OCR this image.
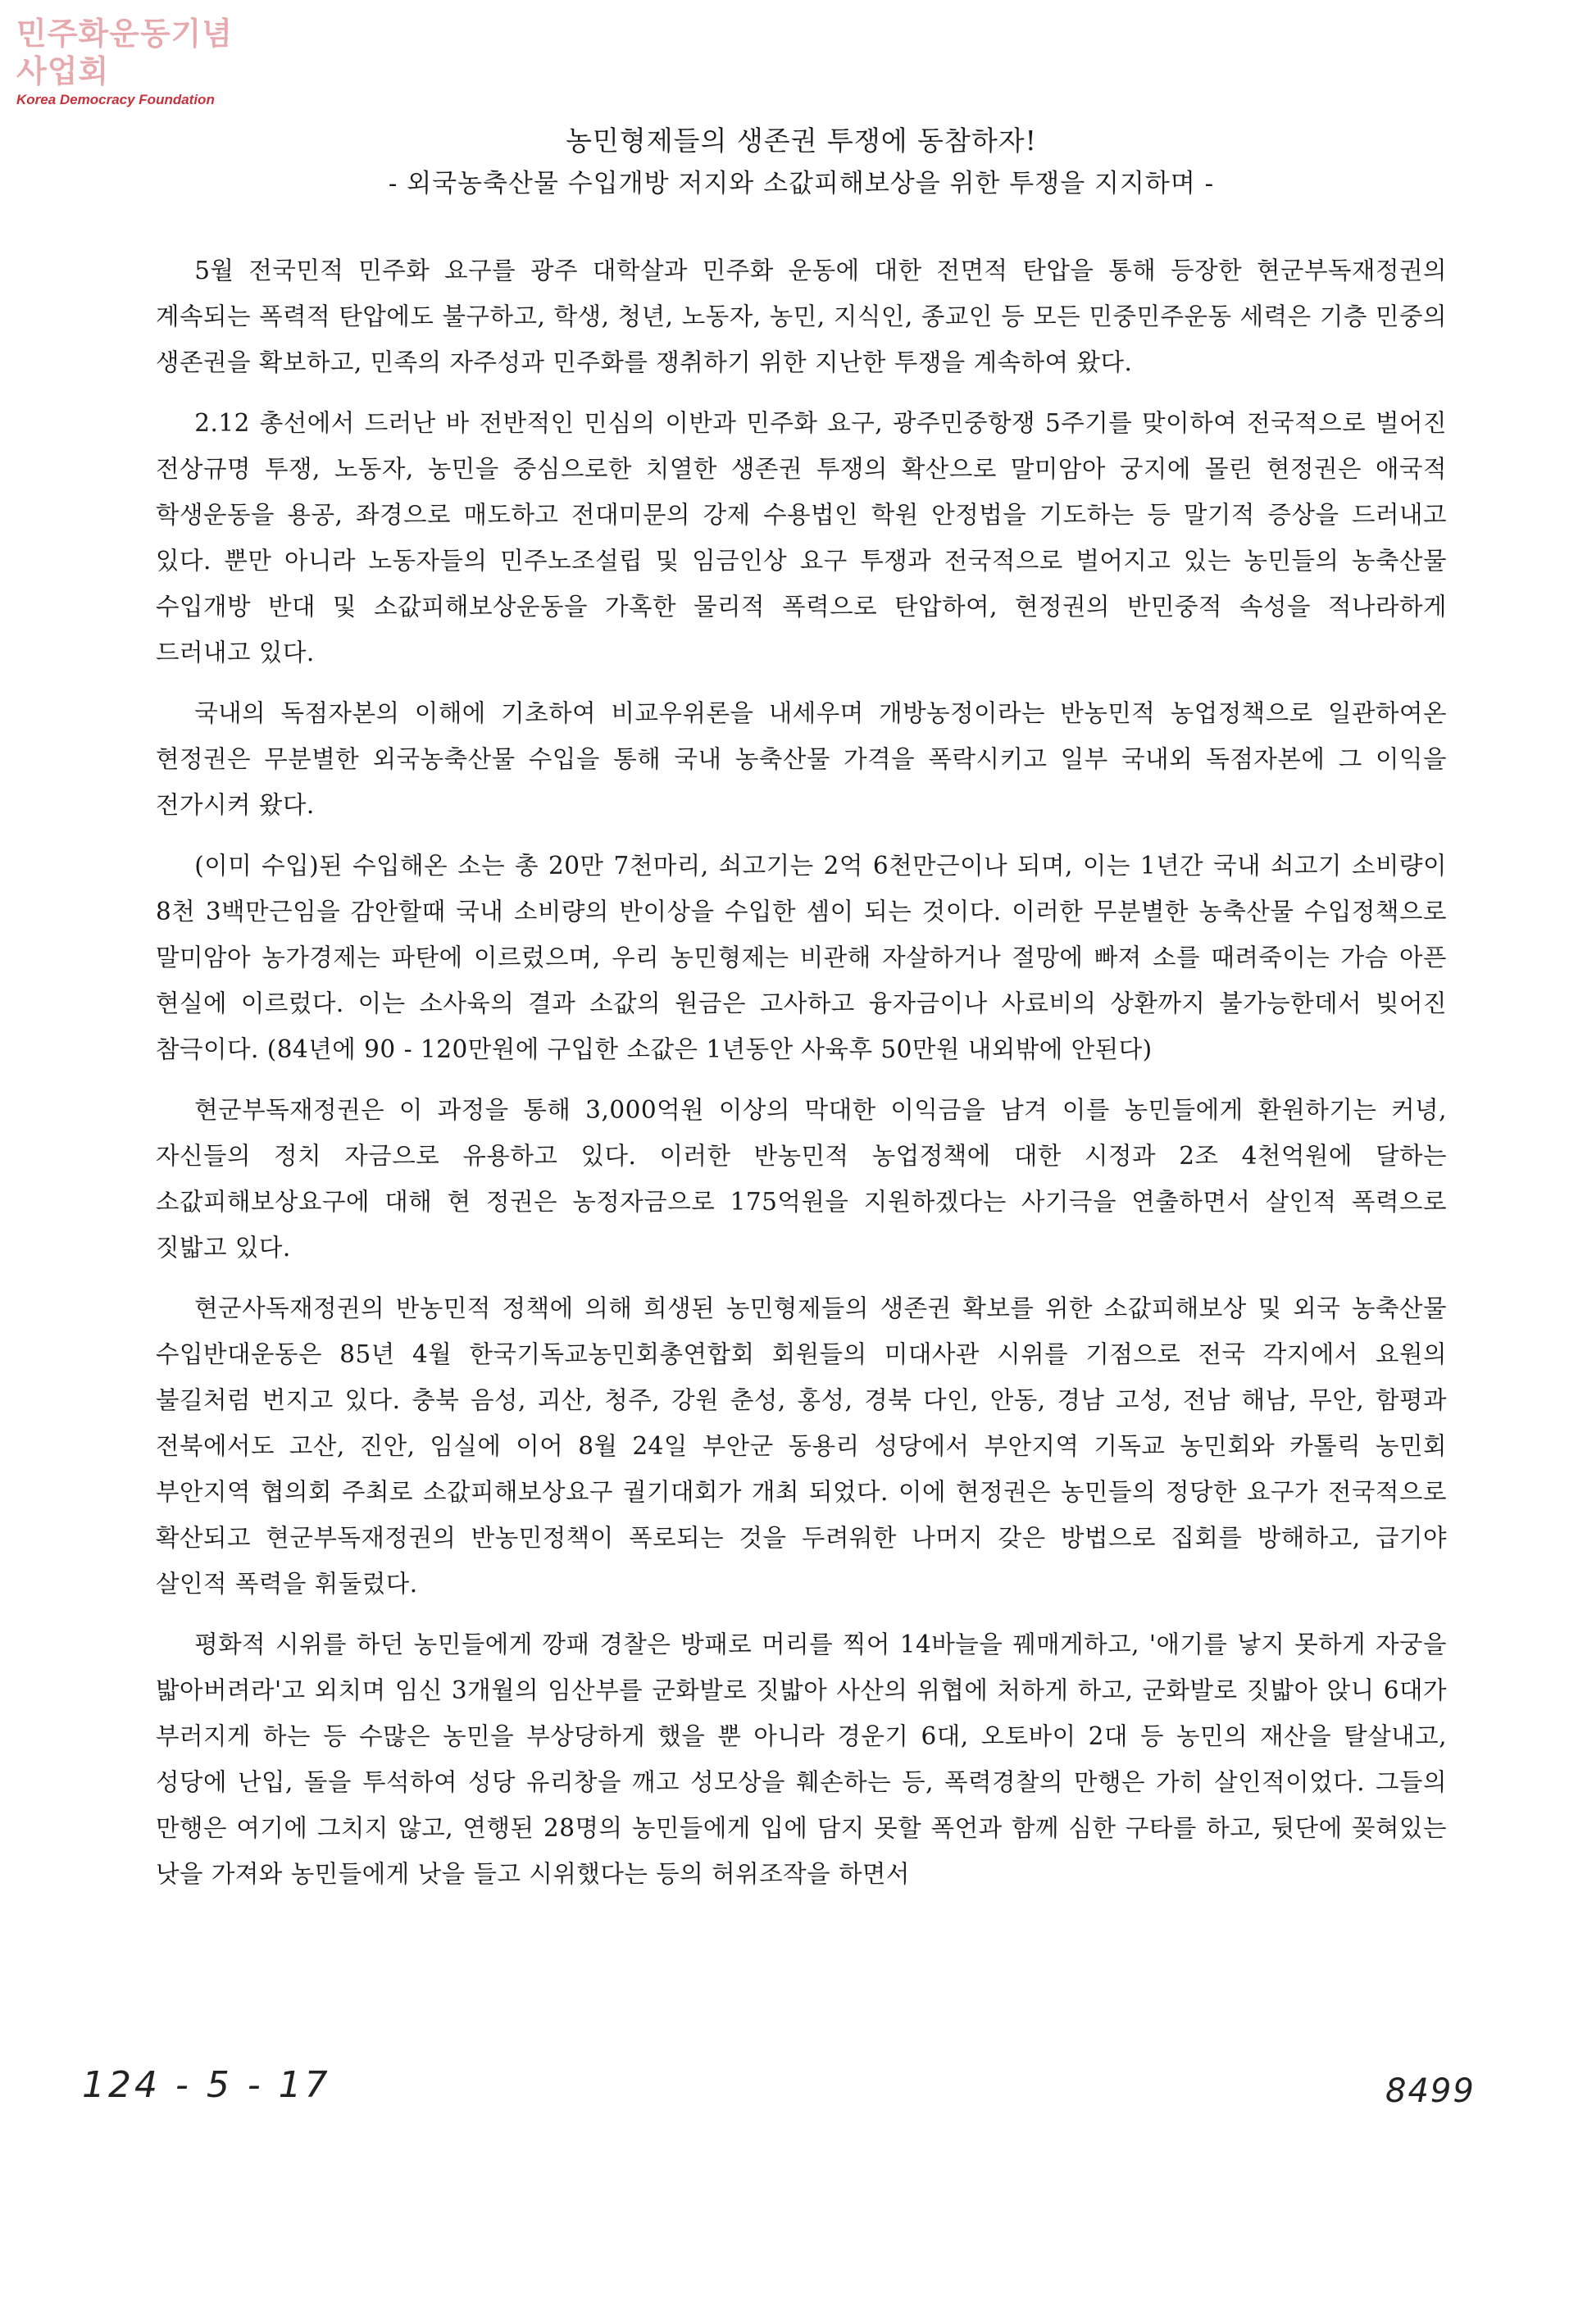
민주화운동기념사업회
Korea Democracy Foundation
농민형제들의 생존권 투쟁에 동참하자!
- 외국농축산물 수입개방 저지와 소값피해보상을 위한 투쟁을 지지하며 -

5월 전국민적 민주화 요구를 광주 대학살과 민주화 운동에 대한 전면적 탄압을 통해 등장한 현군부독재정권의 계속되는 폭력적 탄압에도 불구하고, 학생, 청년, 노동자, 농민, 지식인, 종교인 등 모든 민중민주운동 세력은 기층 민중의 생존권을 확보하고, 민족의 자주성과 민주화를 쟁취하기 위한 지난한 투쟁을 계속하여 왔다.

2.12 총선에서 드러난 바 전반적인 민심의 이반과 민주화 요구, 광주민중항쟁 5주기를 맞이하여 전국적으로 벌어진 전상규명 투쟁, 노동자, 농민을 중심으로한 치열한 생존권 투쟁의 확산으로 말미암아 궁지에 몰린 현정권은 애국적 학생운동을 용공, 좌경으로 매도하고 전대미문의 강제 수용법인 학원 안정법을 기도하는 등 말기적 증상을 드러내고 있다. 뿐만 아니라 노동자들의 민주노조설립 및 임금인상 요구 투쟁과 전국적으로 벌어지고 있는 농민들의 농축산물 수입개방 반대 및 소값피해보상운동을 가혹한 물리적 폭력으로 탄압하여, 현정권의 반민중적 속성을 적나라하게 드러내고 있다.

국내의 독점자본의 이해에 기초하여 비교우위론을 내세우며 개방농정이라는 반농민적 농업정책으로 일관하여온 현정권은 무분별한 외국농축산물 수입을 통해 국내 농축산물 가격을 폭락시키고 일부 국내외 독점자본에 그 이익을 전가시켜 왔다.

(이미 수입)된 수입해온 소는 총 20만 7천마리, 쇠고기는 2억 6천만근이나 되며, 이는 1년간 국내 쇠고기 소비량이 8천 3백만근임을 감안할때 국내 소비량의 반이상을 수입한 셈이 되는 것이다. 이러한 무분별한 농축산물 수입정책으로 말미암아 농가경제는 파탄에 이르렀으며, 우리 농민형제는 비관해 자살하거나 절망에 빠져 소를 때려죽이는 가슴 아픈 현실에 이르렀다. 이는 소사육의 결과 소값의 원금은 고사하고 융자금이나 사료비의 상환까지 불가능한데서 빚어진 참극이다. (84년에 90 - 120만원에 구입한 소값은 1년동안 사육후 50만원 내외밖에 안된다)

현군부독재정권은 이 과정을 통해 3,000억원 이상의 막대한 이익금을 남겨 이를 농민들에게 환원하기는 커녕, 자신들의 정치 자금으로 유용하고 있다. 이러한 반농민적 농업정책에 대한 시정과 2조 4천억원에 달하는 소값피해보상요구에 대해 현 정권은 농정자금으로 175억원을 지원하겠다는 사기극을 연출하면서 살인적 폭력으로 짓밟고 있다.

현군사독재정권의 반농민적 정책에 의해 희생된 농민형제들의 생존권 확보를 위한 소값피해보상 및 외국 농축산물 수입반대운동은 85년 4월 한국기독교농민회총연합회 회원들의 미대사관 시위를 기점으로 전국 각지에서 요원의 불길처럼 번지고 있다. 충북 음성, 괴산, 청주, 강원 춘성, 홍성, 경북 다인, 안동, 경남 고성, 전남 해남, 무안, 함평과 전북에서도 고산, 진안, 임실에 이어 8월 24일 부안군 동용리 성당에서 부안지역 기독교 농민회와 카톨릭 농민회 부안지역 협의회 주최로 소값피해보상요구 궐기대회가 개최 되었다. 이에 현정권은 농민들의 정당한 요구가 전국적으로 확산되고 현군부독재정권의 반농민정책이 폭로되는 것을 두려워한 나머지 갖은 방법으로 집회를 방해하고, 급기야 살인적 폭력을 휘둘렀다.

평화적 시위를 하던 농민들에게 깡패 경찰은 방패로 머리를 찍어 14바늘을 꿰매게하고, '애기를 낳지 못하게 자궁을 밟아버려라'고 외치며 임신 3개월의 임산부를 군화발로 짓밟아 사산의 위협에 처하게 하고, 군화발로 짓밟아 앉니 6대가 부러지게 하는 등 수많은 농민을 부상당하게 했을 뿐 아니라 경운기 6대, 오토바이 2대 등 농민의 재산을 탈살내고, 성당에 난입, 돌을 투석하여 성당 유리창을 깨고 성모상을 훼손하는 등, 폭력경찰의 만행은 가히 살인적이었다. 그들의 만행은 여기에 그치지 않고, 연행된 28명의 농민들에게 입에 담지 못할 폭언과 함께 심한 구타를 하고, 뒷단에 꽂혀있는 낫을 가져와 농민들에게 낫을 들고 시위했다는 등의 허위조작을 하면서

124 - 5 - 17	8499
